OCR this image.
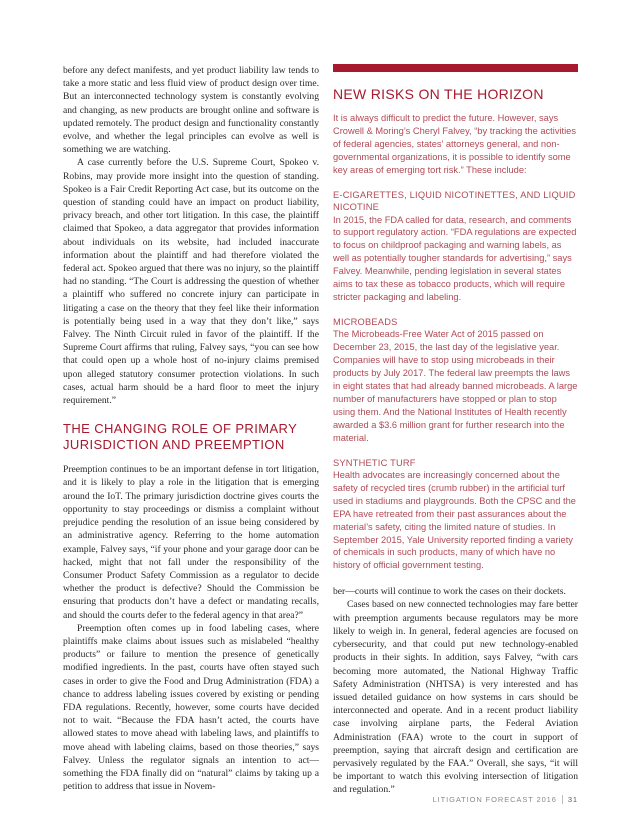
before any defect manifests, and yet product liability law tends to take a more static and less fluid view of product design over time. But an interconnected technology system is constantly evolving and changing, as new products are brought online and software is updated remotely. The product design and functionality constantly evolve, and whether the legal principles can evolve as well is something we are watching.

A case currently before the U.S. Supreme Court, Spokeo v. Robins, may provide more insight into the question of standing. Spokeo is a Fair Credit Reporting Act case, but its outcome on the question of standing could have an impact on product liability, privacy breach, and other tort litigation. In this case, the plaintiff claimed that Spokeo, a data aggregator that provides information about individuals on its website, had included inaccurate information about the plaintiff and had therefore violated the federal act. Spokeo argued that there was no injury, so the plaintiff had no standing. “The Court is addressing the question of whether a plaintiff who suffered no concrete injury can participate in litigating a case on the theory that they feel like their information is potentially being used in a way that they don’t like,” says Falvey. The Ninth Circuit ruled in favor of the plaintiff. If the Supreme Court affirms that ruling, Falvey says, “you can see how that could open up a whole host of no-injury claims premised upon alleged statutory consumer protection violations. In such cases, actual harm should be a hard floor to meet the injury requirement.”

THE CHANGING ROLE OF PRIMARY JURISDICTION AND PREEMPTION

Preemption continues to be an important defense in tort litigation, and it is likely to play a role in the litigation that is emerging around the IoT. The primary jurisdiction doctrine gives courts the opportunity to stay proceedings or dismiss a complaint without prejudice pending the resolution of an issue being considered by an administrative agency. Referring to the home automation example, Falvey says, “if your phone and your garage door can be hacked, might that not fall under the responsibility of the Consumer Product Safety Commission as a regulator to decide whether the product is defective? Should the Commission be ensuring that products don’t have a defect or mandating recalls, and should the courts defer to the federal agency in that area?”

Preemption often comes up in food labeling cases, where plaintiffs make claims about issues such as mislabeled “healthy products” or failure to mention the presence of genetically modified ingredients. In the past, courts have often stayed such cases in order to give the Food and Drug Administration (FDA) a chance to address labeling issues covered by existing or pending FDA regulations. Recently, however, some courts have decided not to wait. “Because the FDA hasn’t acted, the courts have allowed states to move ahead with labeling laws, and plaintiffs to move ahead with labeling claims, based on those theories,” says Falvey. Unless the regulator signals an intention to act—something the FDA finally did on “natural” claims by taking up a petition to address that issue in Novem-

NEW RISKS ON THE HORIZON

It is always difficult to predict the future. However, says Crowell & Moring’s Cheryl Falvey, “by tracking the activities of federal agencies, states’ attorneys general, and non-governmental organizations, it is possible to identify some key areas of emerging tort risk.” These include:

E-CIGARETTES, LIQUID NICOTINETTES, AND LIQUID NICOTINE

In 2015, the FDA called for data, research, and comments to support regulatory action. “FDA regulations are expected to focus on childproof packaging and warning labels, as well as potentially tougher standards for advertising,” says Falvey. Meanwhile, pending legislation in several states aims to tax these as tobacco products, which will require stricter packaging and labeling.

MICROBEADS

The Microbeads-Free Water Act of 2015 passed on December 23, 2015, the last day of the legislative year. Companies will have to stop using microbeads in their products by July 2017. The federal law preempts the laws in eight states that had already banned microbeads. A large number of manufacturers have stopped or plan to stop using them. And the National Institutes of Health recently awarded a $3.6 million grant for further research into the material.

SYNTHETIC TURF

Health advocates are increasingly concerned about the safety of recycled tires (crumb rubber) in the artificial turf used in stadiums and playgrounds. Both the CPSC and the EPA have retreated from their past assurances about the material’s safety, citing the limited nature of studies. In September 2015, Yale University reported finding a variety of chemicals in such products, many of which have no history of official government testing.

ber—courts will continue to work the cases on their dockets.

Cases based on new connected technologies may fare better with preemption arguments because regulators may be more likely to weigh in. In general, federal agencies are focused on cybersecurity, and that could put new technology-enabled products in their sights. In addition, says Falvey, “with cars becoming more automated, the National Highway Traffic Safety Administration (NHTSA) is very interested and has issued detailed guidance on how systems in cars should be interconnected and operate. And in a recent product liability case involving airplane parts, the Federal Aviation Administration (FAA) wrote to the court in support of preemption, saying that aircraft design and certification are pervasively regulated by the FAA.” Overall, she says, “it will be important to watch this evolving intersection of litigation and regulation.”

LITIGATION FORECAST 2016 31
